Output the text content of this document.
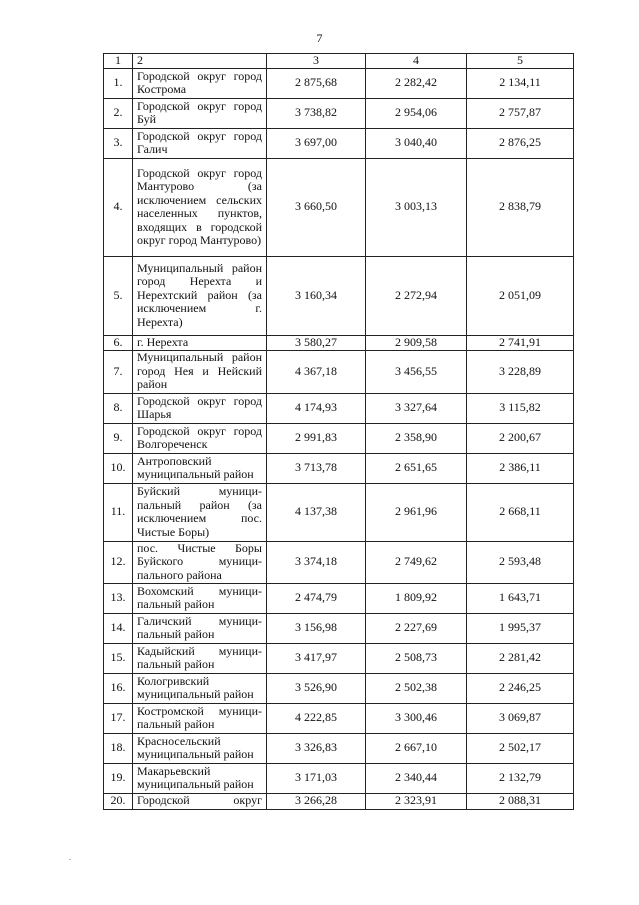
7
1	2	3	4	5
1.	Городской округ город Кострома	2 875,68	2 282,42	2 134,11
2.	Городской округ город Буй	3 738,82	2 954,06	2 757,87
3.	Городской округ город Галич	3 697,00	3 040,40	2 876,25
4.	Городской округ город Мантурово (за исключением сельских населенных пунктов, входящих в городской округ город Мантурово)	3 660,50	3 003,13	2 838,79
5.	Муниципальный район город Нерехта и Нерехтский район (за исключением г. Нерехта)	3 160,34	2 272,94	2 051,09
6.	г. Нерехта	3 580,27	2 909,58	2 741,91
7.	Муниципальный район город Нея и Нейский район	4 367,18	3 456,55	3 228,89
8.	Городской округ город Шарья	4 174,93	3 327,64	3 115,82
9.	Городской округ город Волгореченск	2 991,83	2 358,90	2 200,67
10.	Антроповский муниципальный район	3 713,78	2 651,65	2 386,11
11.	Буйский муници-пальный район (за исключением пос. Чистые Боры)	4 137,38	2 961,96	2 668,11
12.	пос. Чистые Боры Буйского муници-пального района	3 374,18	2 749,62	2 593,48
13.	Вохомский муници-пальный район	2 474,79	1 809,92	1 643,71
14.	Галичский муници-пальный район	3 156,98	2 227,69	1 995,37
15.	Кадыйский муници-пальный район	3 417,97	2 508,73	2 281,42
16.	Кологривский муниципальный район	3 526,90	2 502,38	2 246,25
17.	Костромской муници-пальный район	4 222,85	3 300,46	3 069,87
18.	Красносельский муниципальный район	3 326,83	2 667,10	2 502,17
19.	Макарьевский муниципальный район	3 171,03	2 340,44	2 132,79
20.	Городской округ	3 266,28	2 323,91	2 088,31
